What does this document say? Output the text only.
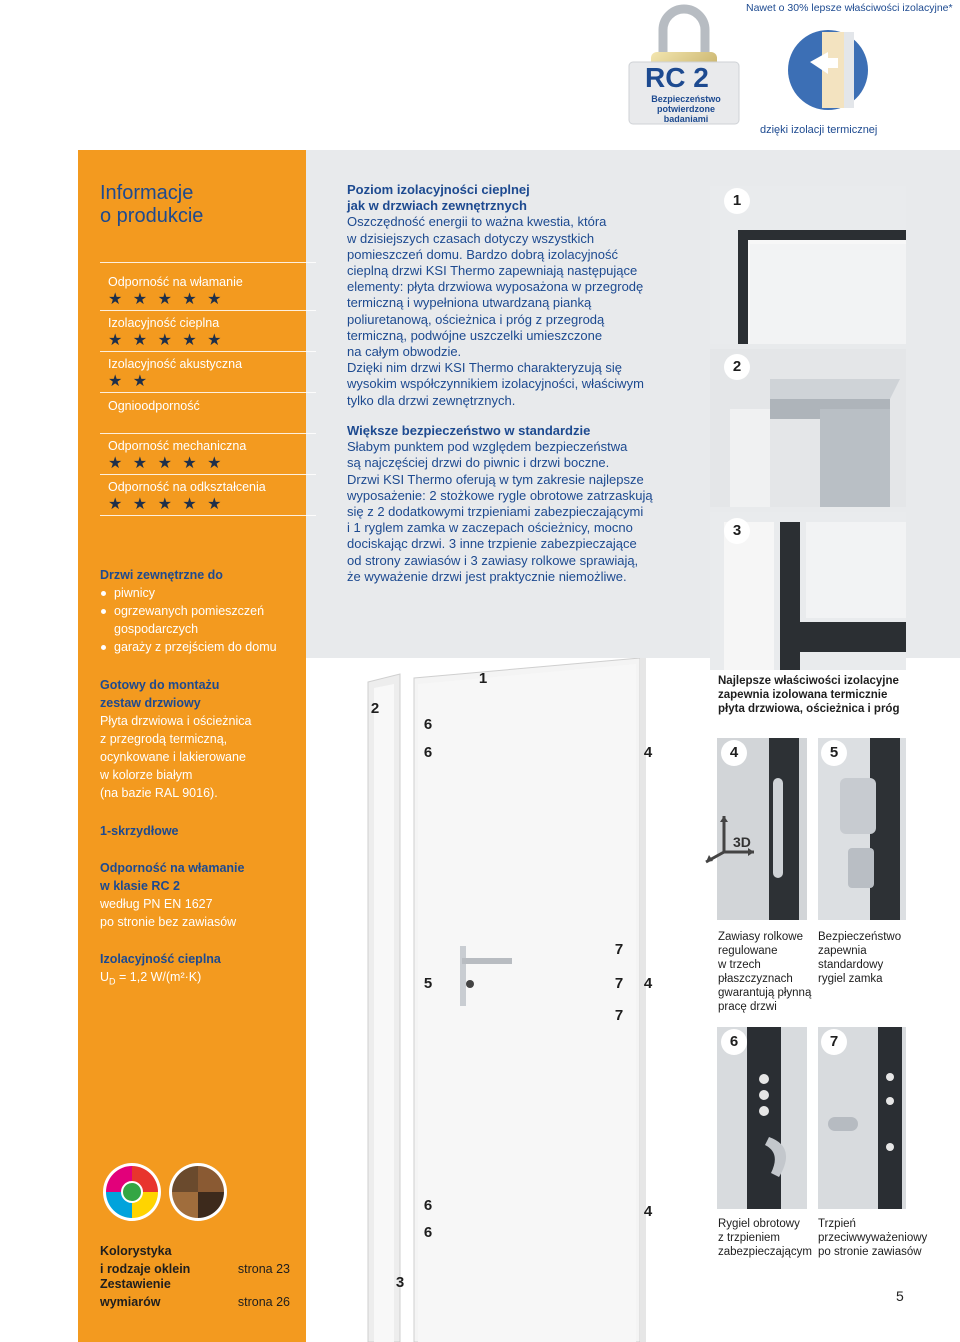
RC 2
Bezpieczeństwo
potwierdzone
badaniami
Nawet o 30% lepsze właściwości izolacyjne*
dzięki izolacji termicznej
Informacje
o produkcie
Odporność na włamanie
★ ★ ★ ★ ★
Izolacyjność cieplna
★ ★ ★ ★ ★
Izolacyjność akustyczna
★ ★
Ognioodporność
Odporność mechaniczna
★ ★ ★ ★ ★
Odporność na odkształcenia
★ ★ ★ ★ ★
Drzwi zewnętrzne do
piwnicy
ogrzewanych pomieszczeń gospodarczych
garaży z przejściem do domu
Gotowy do montażu
zestaw drzwiowy
Płyta drzwiowa i ościeżnica
z przegrodą termiczną,
ocynkowane i lakierowane
w kolorze białym
(na bazie RAL 9016).
1-skrzydłowe
Odporność na włamanie
w klasie RC 2
według PN EN 1627
po stronie bez zawiasów
Izolacyjność cieplna
$U_D = 1,2$ W/(m²·K)
Kolorystyka
i rodzaje oklein	strona 23
Zestawienie
wymiarów	strona 26
Poziom izolacyjności cieplnej
jak w drzwiach zewnętrznych
Oszczędność energii to ważna kwestia, która
w dzisiejszych czasach dotyczy wszystkich
pomieszczeń domu. Bardzo dobrą izolacyjność
cieplną drzwi KSI Thermo zapewniają następujące
elementy: płyta drzwiowa wyposażona w przegrodę
termiczną i wypełniona utwardzaną pianką
poliuretanową, ościeżnica i próg z przegrodą
termiczną, podwójne uszczelki umieszczone
na całym obwodzie.
Dzięki nim drzwi KSI Thermo charakteryzują się
wysokim współczynnikiem izolacyjności, właściwym
tylko dla drzwi zewnętrznych.
Większe bezpieczeństwo w standardzie
Słabym punktem pod względem bezpieczeństwa
są najczęściej drzwi do piwnic i drzwi boczne.
Drzwi KSI Thermo oferują w tym zakresie najlepsze
wyposażenie: 2 stożkowe rygle obrotowe zatrzaskują
się z 2 dodatkowymi trzpieniami zabezpieczającymi
i 1 ryglem zamka w zaczepach ościeżnicy, mocno
dociskając drzwi. 3 inne trzpienie zabezpieczające
od strony zawiasów i 3 zawiasy rolkowe sprawiają,
że wyważenie drzwi jest praktycznie niemożliwe.
1
2
3
2
1
6
6	4
5
7
7	4
7
6
6
4
3
Najlepsze właściwości izolacyjne
zapewnia izolowana termicznie
płyta drzwiowa, ościeżnica i próg
4	5
3D
Zawiasy rolkowe
regulowane
w trzech
płaszczyznach
gwarantują płynną
pracę drzwi
Bezpieczeństwo
zapewnia
standardowy
rygiel zamka
6	7
Rygiel obrotowy
z trzpieniem
zabezpieczającym
Trzpień
przeciwwyważeniowy
po stronie zawiasów
5
